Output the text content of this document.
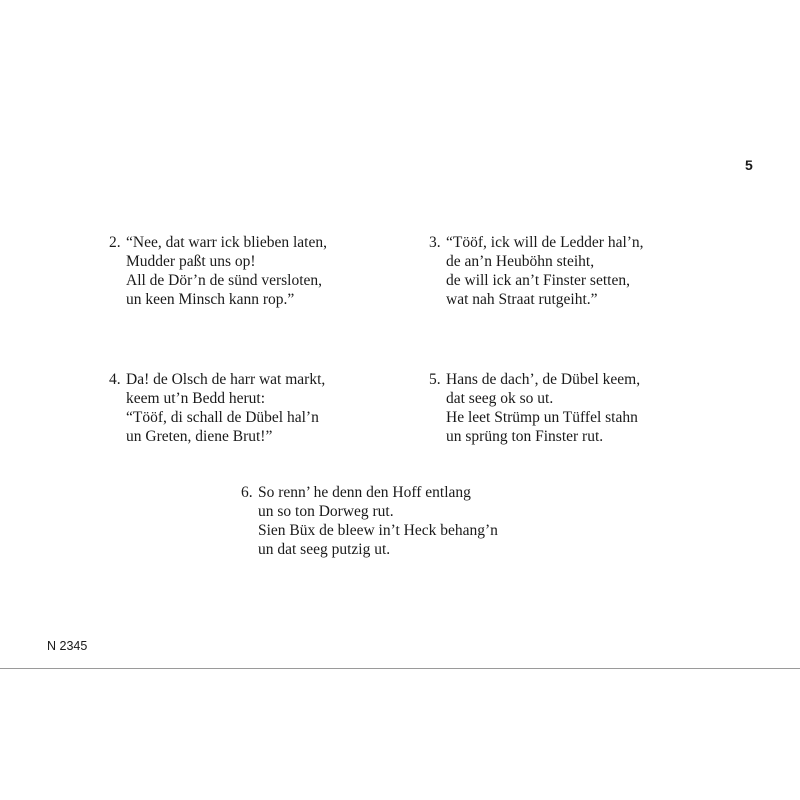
5
2. “Nee, dat warr ick blieben laten,
Mudder paßt uns op!
All de Dör’n de sünd versloten,
un keen Minsch kann rop.”
3. “Tööf, ick will de Ledder hal’n,
de an’n Heuböhn steiht,
de will ick an’t Finster setten,
wat nah Straat rutgeiht.”
4. Da! de Olsch de harr wat markt,
keem ut’n Bedd herut:
“Tööf, di schall de Dübel hal’n
un Greten, diene Brut!”
5. Hans de dach’, de Dübel keem,
dat seeg ok so ut.
He leet Strümp un Tüffel stahn
un sprüng ton Finster rut.
6. So renn’ he denn den Hoff entlang
un so ton Dorweg rut.
Sien Büx de bleew in’t Heck behang’n
un dat seeg putzig ut.
N 2345
